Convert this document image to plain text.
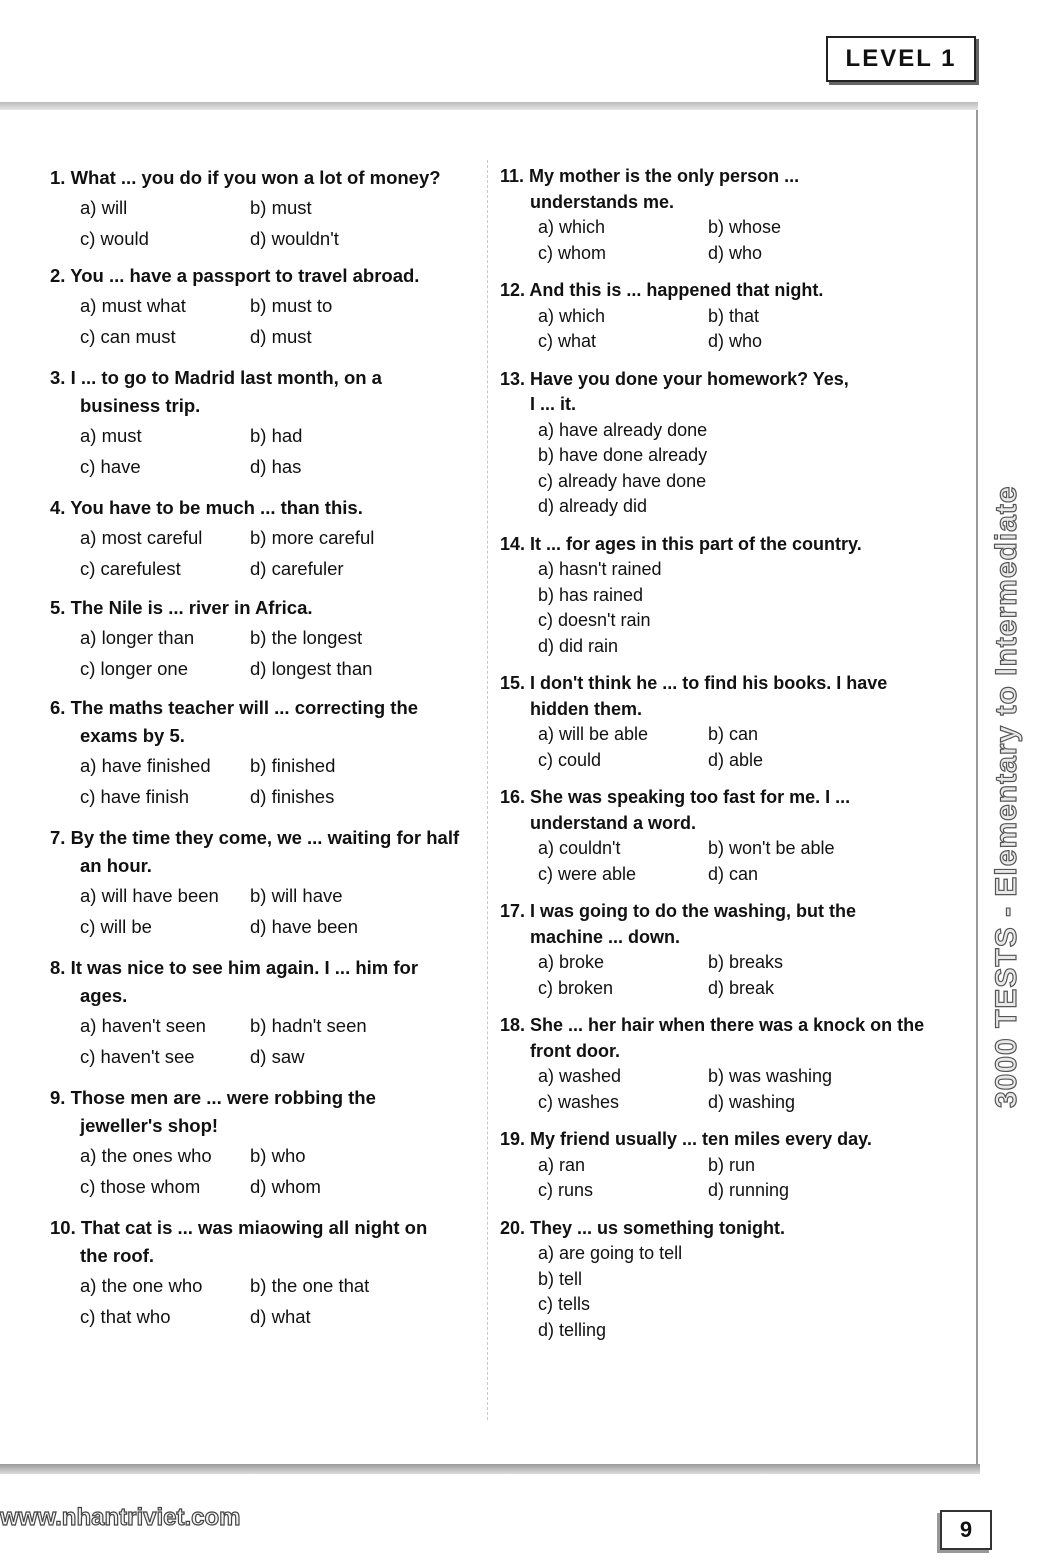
LEVEL 1
1. What ... you do if you won a lot of money?
a) will	b) must
c) would	d) wouldn't
2. You ... have a passport to travel abroad.
a) must what	b) must to
c) can must	d) must
3. I ... to go to Madrid last month, on a business trip.
a) must	b) had
c) have	d) has
4. You have to be much ... than this.
a) most careful	b) more careful
c) carefulest	d) carefuler
5. The Nile is ... river in Africa.
a) longer than	b) the longest
c) longer one	d) longest than
6. The maths teacher will ... correcting the exams by 5.
a) have finished	b) finished
c) have finish	d) finishes
7. By the time they come, we ... waiting for half an hour.
a) will have been	b) will have
c) will be	d) have been
8. It was nice to see him again. I ... him for ages.
a) haven't seen	b) hadn't seen
c) haven't see	d) saw
9. Those men are ... were robbing the jeweller's shop!
a) the ones who	b) who
c) those whom	d) whom
10. That cat is ... was miaowing all night on the roof.
a) the one who	b) the one that
c) that who	d) what
11. My mother is the only person ... understands me.
a) which	b) whose
c) whom	d) who
12. And this is ... happened that night.
a) which	b) that
c) what	d) who
13. Have you done your homework? Yes, I ... it.
a) have already done
b) have done already
c) already have done
d) already did
14. It ... for ages in this part of the country.
a) hasn't rained
b) has rained
c) doesn't rain
d) did rain
15. I don't think he ... to find his books. I have hidden them.
a) will be able	b) can
c) could	d) able
16. She was speaking too fast for me. I ... understand a word.
a) couldn't	b) won't be able
c) were able	d) can
17. I was going to do the washing, but the machine ... down.
a) broke	b) breaks
c) broken	d) break
18. She ... her hair when there was a knock on the front door.
a) washed	b) was washing
c) washes	d) washing
19. My friend usually ... ten miles every day.
a) ran	b) run
c) runs	d) running
20. They ... us something tonight.
a) are going to tell
b) tell
c) tells
d) telling
3000 TESTS - Elementary to Intermediate
www.nhantriviet.com	9
